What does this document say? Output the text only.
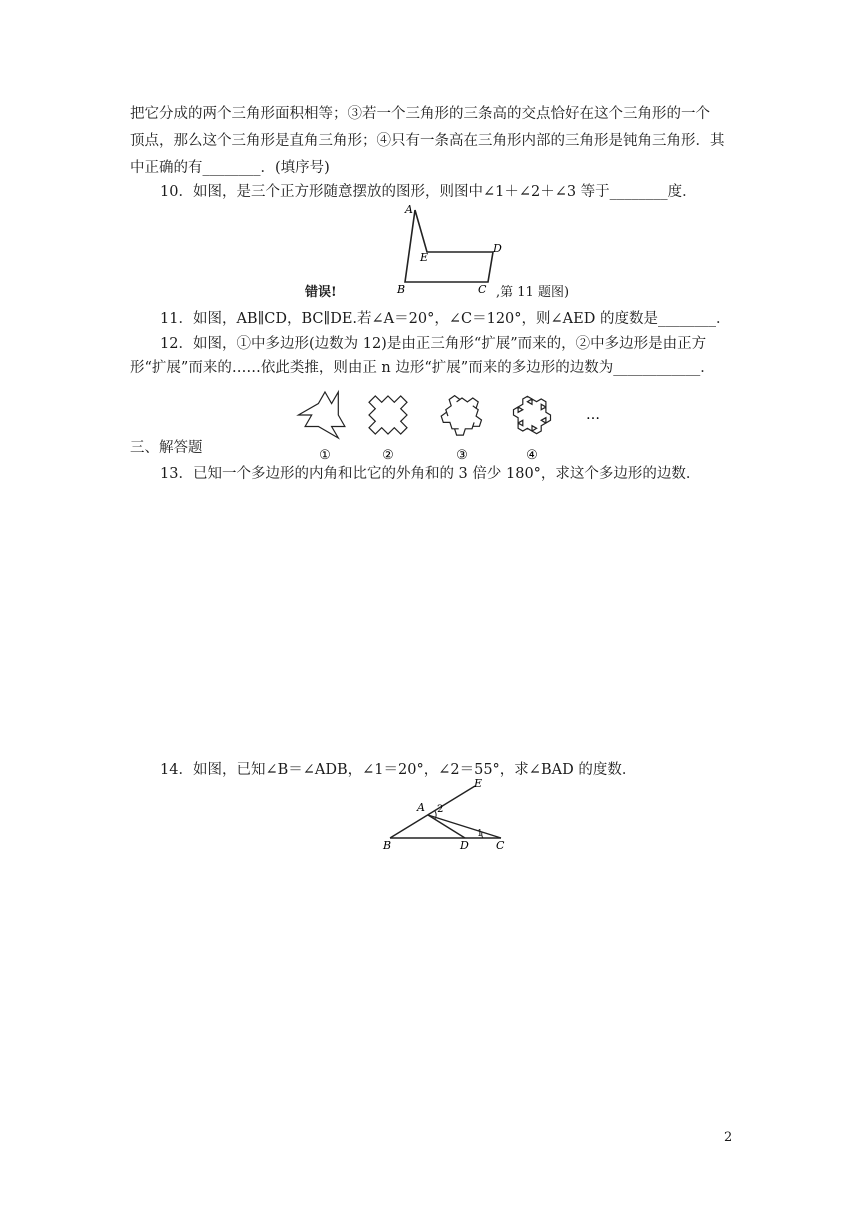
把它分成的两个三角形面积相等；③若一个三角形的三条高的交点恰好在这个三角形的一个
顶点，那么这个三角形是直角三角形；④只有一条高在三角形内部的三角形是钝角三角形．其
中正确的有________．(填序号)
10．如图，是三个正方形随意摆放的图形，则图中∠1＋∠2＋∠3 等于________度．
A
E
D
B	C
错误!	,第 11 题图)
11．如图，AB∥CD，BC∥DE.若∠A＝20°，∠C＝120°，则∠AED 的度数是________．
12．如图，①中多边形(边数为 12)是由正三角形“扩展”而来的，②中多边形是由正方
形“扩展”而来的……依此类推，则由正 n 边形“扩展”而来的多边形的边数为____________．
①	②	③	④
…
三、解答题
13．已知一个多边形的内角和比它的外角和的 3 倍少 180°，求这个多边形的边数．
14．如图，已知∠B＝∠ADB，∠1＝20°，∠2＝55°，求∠BAD 的度数．
E
A 2
1
B	D C
2
